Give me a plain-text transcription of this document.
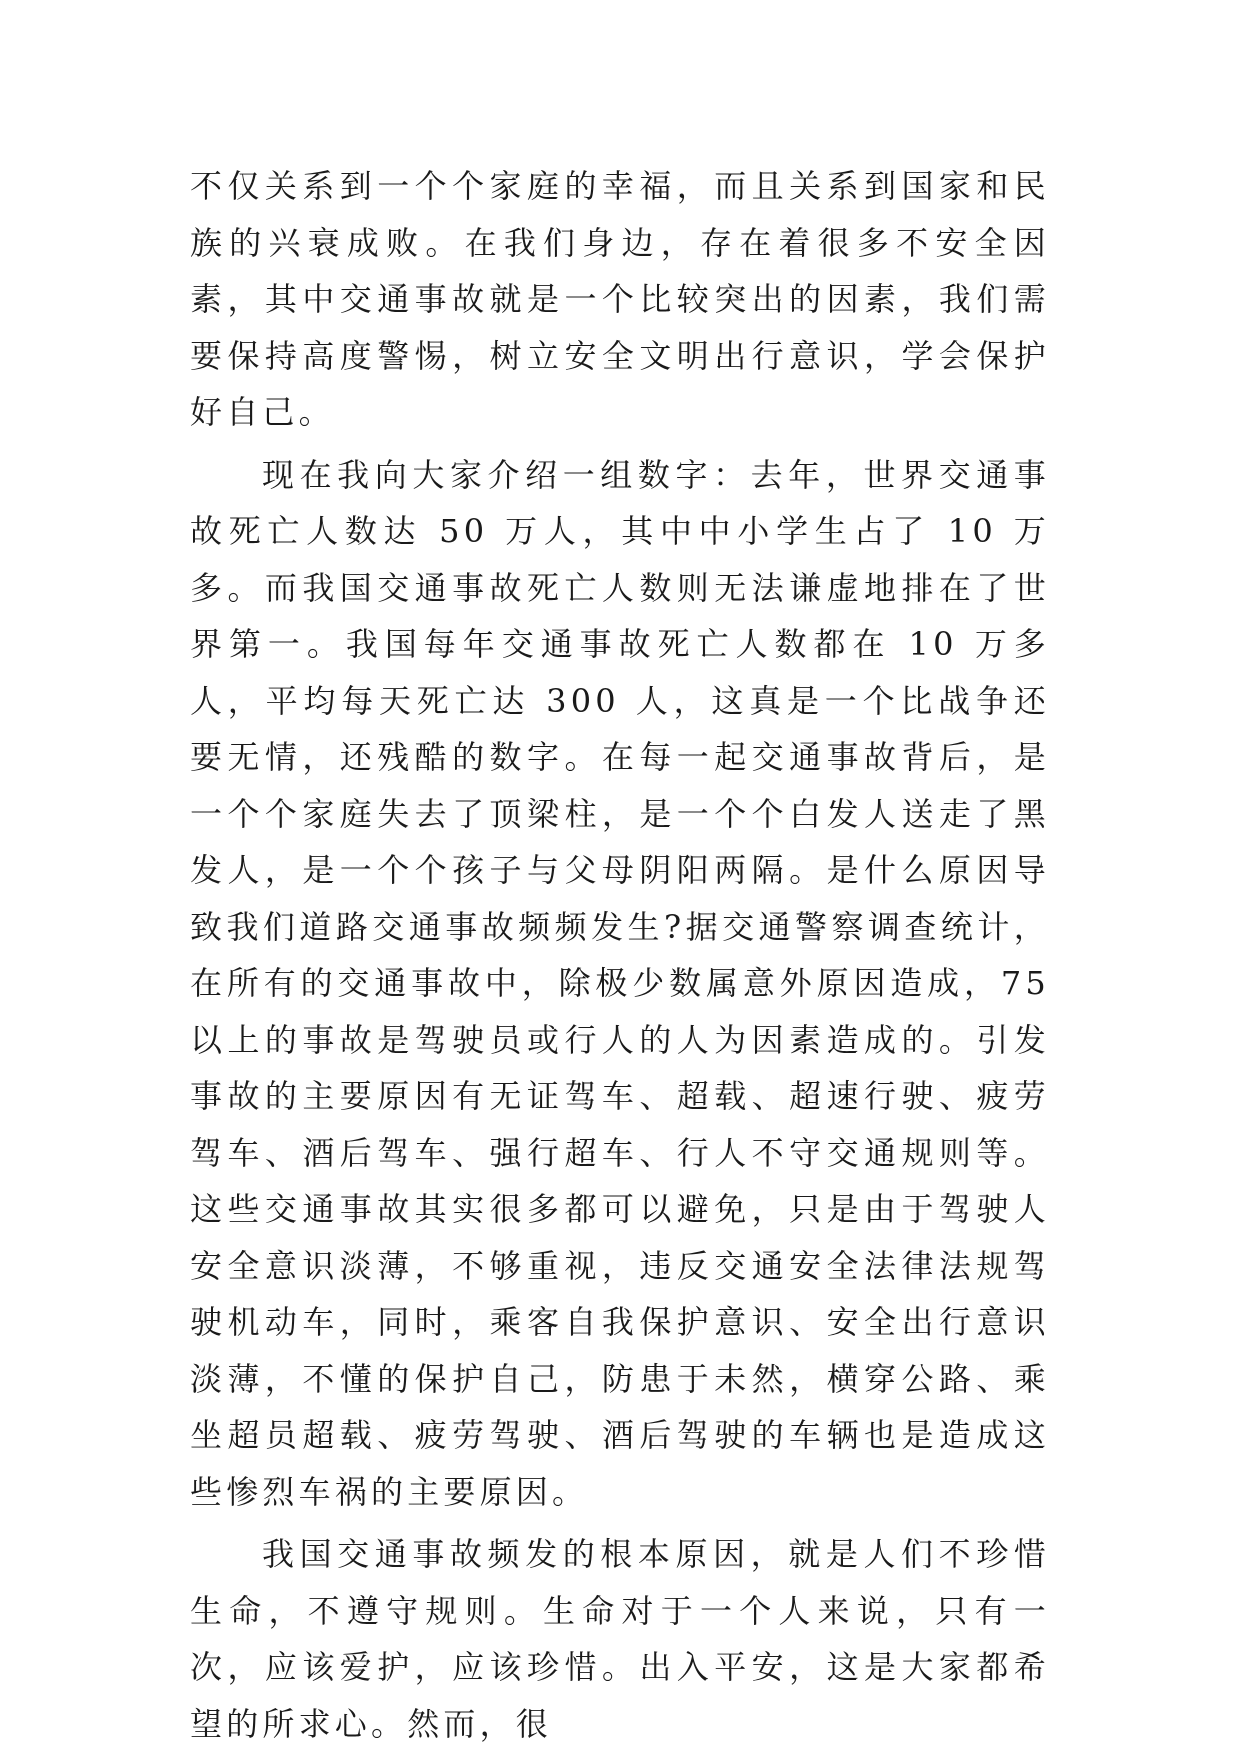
不仅关系到一个个家庭的幸福，而且关系到国家和民族的兴衰成败。在我们身边，存在着很多不安全因素，其中交通事故就是一个比较突出的因素，我们需要保持高度警惕，树立安全文明出行意识，学会保护好自己。

现在我向大家介绍一组数字：去年，世界交通事故死亡人数达 50 万人，其中中小学生占了 10 万多。而我国交通事故死亡人数则无法谦虚地排在了世界第一。我国每年交通事故死亡人数都在 10 万多人，平均每天死亡达 300 人，这真是一个比战争还要无情，还残酷的数字。在每一起交通事故背后，是一个个家庭失去了顶梁柱，是一个个白发人送走了黑发人，是一个个孩子与父母阴阳两隔。是什么原因导致我们道路交通事故频频发生?据交通警察调查统计，在所有的交通事故中，除极少数属意外原因造成，75 以上的事故是驾驶员或行人的人为因素造成的。引发事故的主要原因有无证驾车、超载、超速行驶、疲劳驾车、酒后驾车、强行超车、行人不守交通规则等。这些交通事故其实很多都可以避免，只是由于驾驶人安全意识淡薄，不够重视，违反交通安全法律法规驾驶机动车，同时，乘客自我保护意识、安全出行意识淡薄，不懂的保护自己，防患于未然，横穿公路、乘坐超员超载、疲劳驾驶、酒后驾驶的车辆也是造成这些惨烈车祸的主要原因。

我国交通事故频发的根本原因，就是人们不珍惜生命，不遵守规则。生命对于一个人来说，只有一次，应该爱护，应该珍惜。出入平安，这是大家都希望的所求心。然而，很
